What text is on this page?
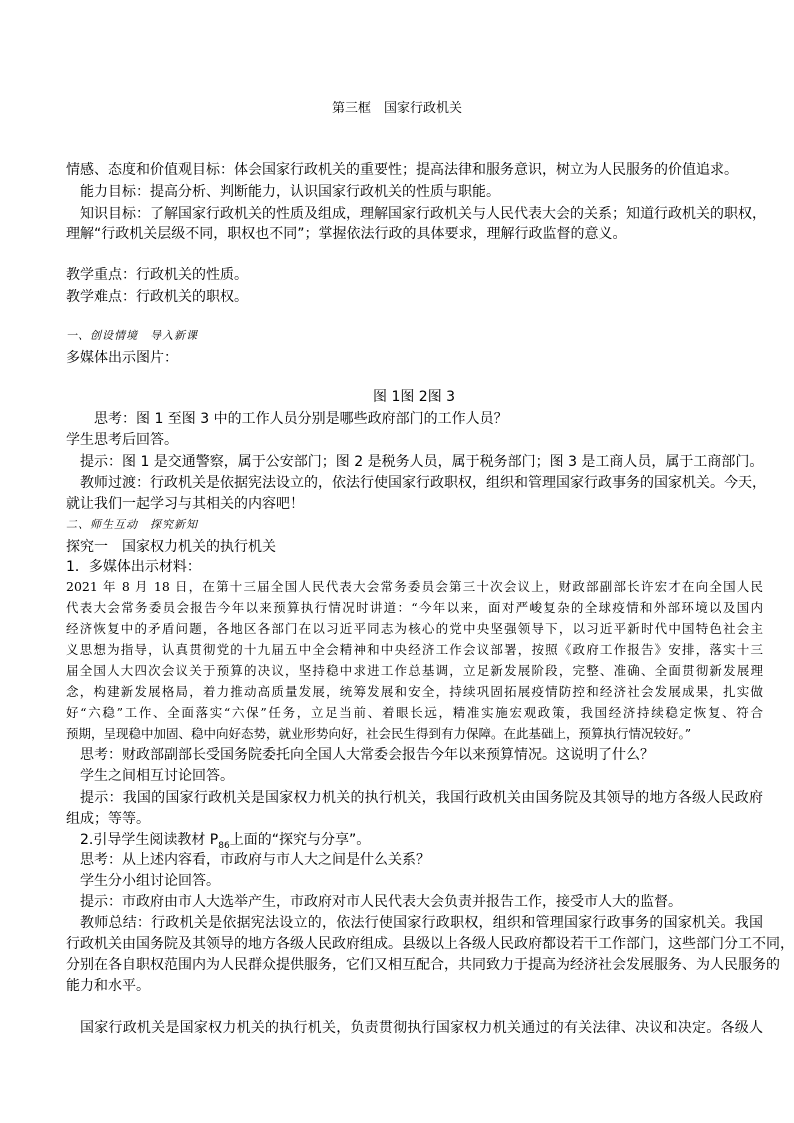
第三框　国家行政机关
情感、态度和价值观目标：体会国家行政机关的重要性；提高法律和服务意识，树立为人民服务的价值追求。
能力目标：提高分析、判断能力，认识国家行政机关的性质与职能。
知识目标：了解国家行政机关的性质及组成，理解国家行政机关与人民代表大会的关系；知道行政机关的职权，
理解“行政机关层级不同，职权也不同”；掌握依法行政的具体要求，理解行政监督的意义。
教学重点：行政机关的性质。
教学难点：行政机关的职权。
一、创设情境　导入新课
多媒体出示图片：
图 1图 2图 3
思考：图 1 至图 3 中的工作人员分别是哪些政府部门的工作人员？
学生思考后回答。
提示：图 1 是交通警察，属于公安部门；图 2 是税务人员，属于税务部门；图 3 是工商人员，属于工商部门。
教师过渡：行政机关是依据宪法设立的，依法行使国家行政职权，组织和管理国家行政事务的国家机关。今天，
就让我们一起学习与其相关的内容吧！
二、师生互动　探究新知
探究一　国家权力机关的执行机关
1．多媒体出示材料：
2021 年 8 月 18 日，在第十三届全国人民代表大会常务委员会第三十次会议上，财政部副部长许宏才在向全国人民
代表大会常务委员会报告今年以来预算执行情况时讲道：“今年以来，面对严峻复杂的全球疫情和外部环境以及国内
经济恢复中的矛盾问题，各地区各部门在以习近平同志为核心的党中央坚强领导下，以习近平新时代中国特色社会主
义思想为指导，认真贯彻党的十九届五中全会精神和中央经济工作会议部署，按照《政府工作报告》安排，落实十三
届全国人大四次会议关于预算的决议，坚持稳中求进工作总基调，立足新发展阶段，完整、准确、全面贯彻新发展理
念，构建新发展格局，着力推动高质量发展，统筹发展和安全，持续巩固拓展疫情防控和经济社会发展成果，扎实做
好“六稳”工作、全面落实“六保”任务，立足当前、着眼长远，精准实施宏观政策，我国经济持续稳定恢复、符合
预期，呈现稳中加固、稳中向好态势，就业形势向好，社会民生得到有力保障。在此基础上，预算执行情况较好。”
思考：财政部副部长受国务院委托向全国人大常委会报告今年以来预算情况。这说明了什么？
学生之间相互讨论回答。
提示：我国的国家行政机关是国家权力机关的执行机关，我国行政机关由国务院及其领导的地方各级人民政府
组成；等等。
2.引导学生阅读教材 $P_{86}$上面的“探究与分享”。
思考：从上述内容看，市政府与市人大之间是什么关系？
学生分小组讨论回答。
提示：市政府由市人大选举产生，市政府对市人民代表大会负责并报告工作，接受市人大的监督。
教师总结：行政机关是依据宪法设立的，依法行使国家行政职权，组织和管理国家行政事务的国家机关。我国
行政机关由国务院及其领导的地方各级人民政府组成。县级以上各级人民政府都设若干工作部门，这些部门分工不同，
分别在各自职权范围内为人民群众提供服务，它们又相互配合，共同致力于提高为经济社会发展服务、为人民服务的
能力和水平。
国家行政机关是国家权力机关的执行机关，负责贯彻执行国家权力机关通过的有关法律、决议和决定。各级人
